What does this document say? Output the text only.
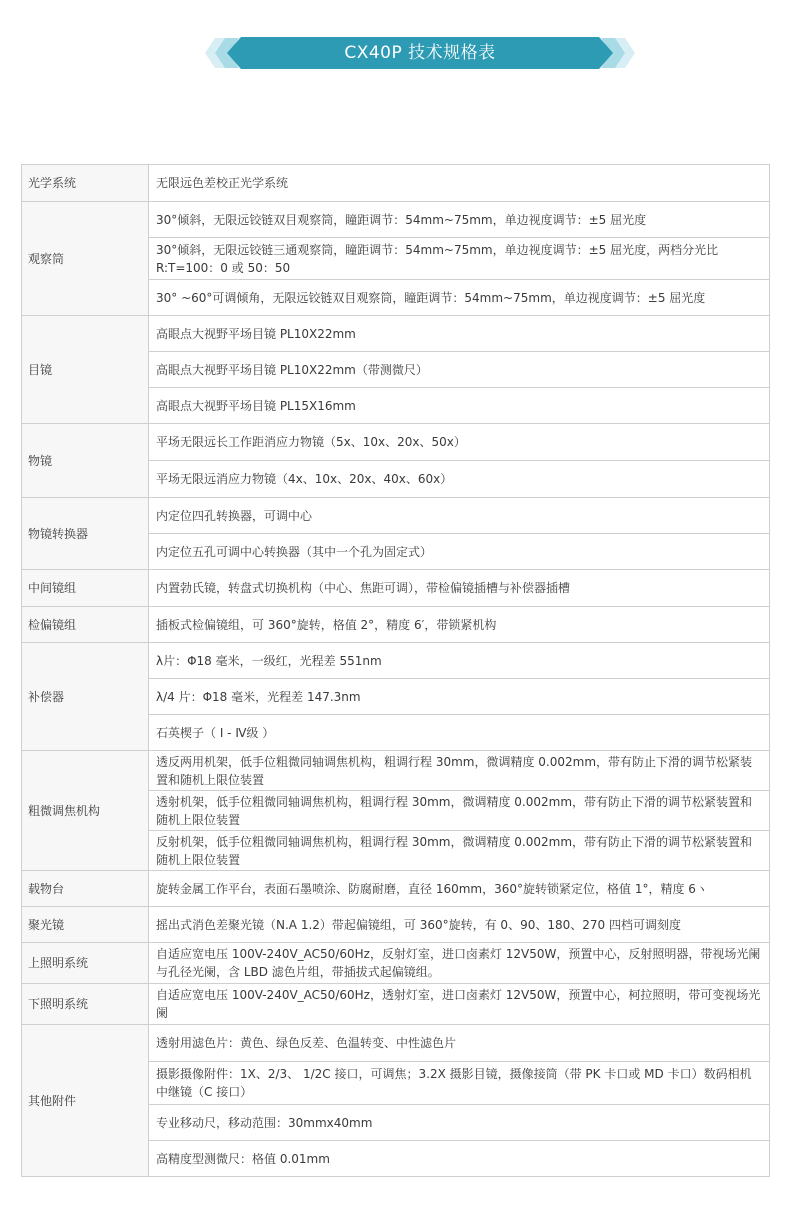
CX40P 技术规格表
光学系统	无限远色差校正光学系统
观察筒	30°倾斜，无限远铰链双目观察筒，瞳距调节：54mm~75mm，单边视度调节：±5 屈光度
	30°倾斜，无限远铰链三通观察筒，瞳距调节：54mm~75mm，单边视度调节：±5 屈光度，两档分光比 R:T=100：0 或 50：50
	30° ~60°可调倾角，无限远铰链双目观察筒，瞳距调节：54mm~75mm，单边视度调节：±5 屈光度
目镜	高眼点大视野平场目镜 PL10X22mm
	高眼点大视野平场目镜 PL10X22mm（带测微尺）
	高眼点大视野平场目镜 PL15X16mm
物镜	平场无限远长工作距消应力物镜（5x、10x、20x、50x）
	平场无限远消应力物镜（4x、10x、20x、40x、60x）
物镜转换器	内定位四孔转换器，可调中心
	内定位五孔可调中心转换器（其中一个孔为固定式）
中间镜组	内置勃氏镜，转盘式切换机构（中心、焦距可调），带检偏镜插槽与补偿器插槽
检偏镜组	插板式检偏镜组，可 360°旋转，格值 2°，精度 6′，带锁紧机构
补偿器	λ片：Φ18 毫米，一级红，光程差 551nm
	λ/4 片：Φ18 毫米，光程差 147.3nm
	石英楔子（ Ⅰ - Ⅳ级 ）
粗微调焦机构	透反两用机架，低手位粗微同轴调焦机构，粗调行程 30mm，微调精度 0.002mm，带有防止下滑的调节松紧装置和随机上限位装置
	透射机架，低手位粗微同轴调焦机构，粗调行程 30mm，微调精度 0.002mm，带有防止下滑的调节松紧装置和随机上限位装置
	反射机架，低手位粗微同轴调焦机构，粗调行程 30mm，微调精度 0.002mm，带有防止下滑的调节松紧装置和随机上限位装置
载物台	旋转金属工作平台，表面石墨喷涂、防腐耐磨，直径 160mm，360°旋转锁紧定位，格值 1°，精度 6ヽ
聚光镜	摇出式消色差聚光镜（N.A 1.2）带起偏镜组，可 360°旋转，有 0、90、180、270 四档可调刻度
上照明系统	自适应宽电压 100V-240V_AC50/60Hz，反射灯室，进口卤素灯 12V50W，预置中心，反射照明器，带视场光阑与孔径光阑，含 LBD 滤色片组，带插拔式起偏镜组。
下照明系统	自适应宽电压 100V-240V_AC50/60Hz，透射灯室，进口卤素灯 12V50W，预置中心，柯拉照明，带可变视场光阑
其他附件	透射用滤色片：黄色、绿色反差、色温转变、中性滤色片
	摄影摄像附件：1X、2/3、 1/2C 接口，可调焦；3.2X 摄影目镜，摄像接筒（带 PK 卡口或 MD 卡口）数码相机中继镜（C 接口）
	专业移动尺，移动范围：30mmx40mm
	高精度型测微尺：格值 0.01mm
